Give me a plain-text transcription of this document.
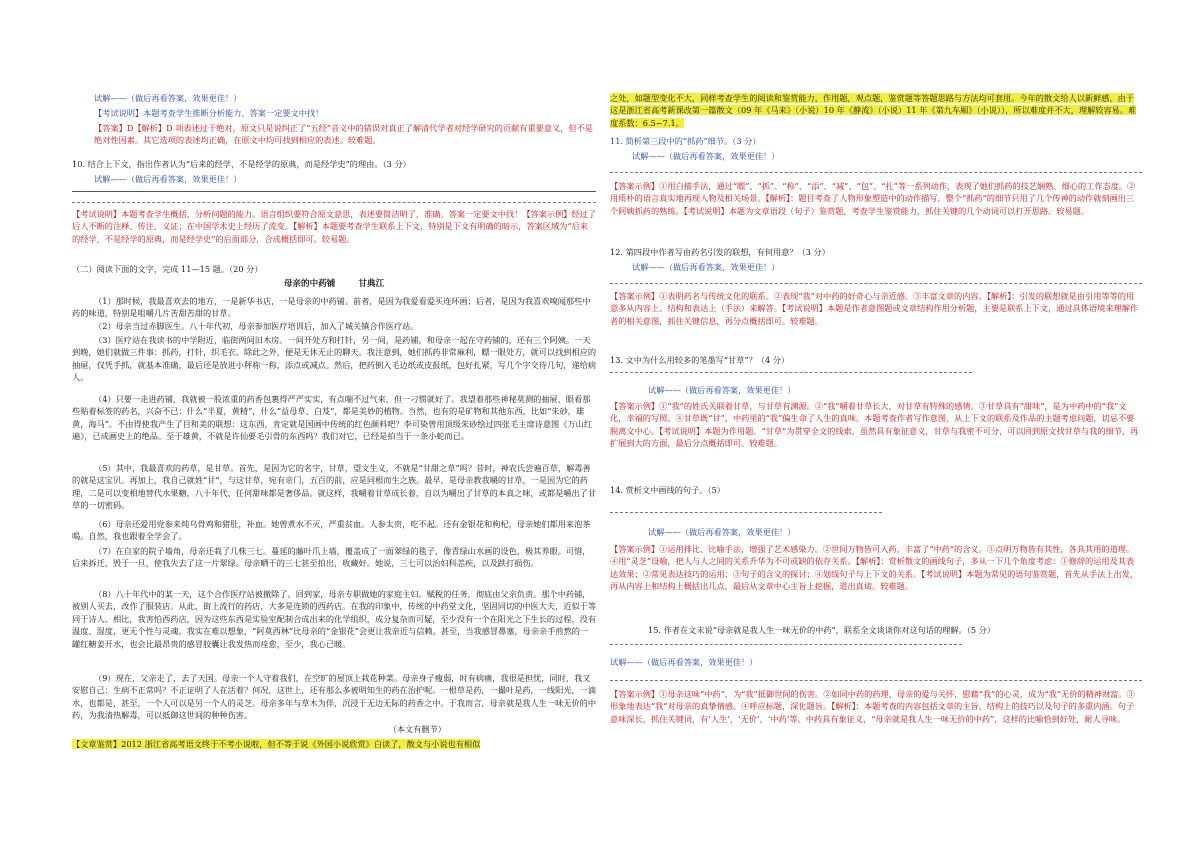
试解——（做后再看答案，效果更佳！）
【考试说明】本题考查学生推断分析能力。答案一定要文中找！
【答案】D【解析】D 项表述过于绝对，原文只是说纠正了“五经”音义中的错误对真正了解清代学者对经学研究的贡献有重要意义，但不是绝对性因素。其它选项的表述均正确，在原文中均可找到相应的表述。较难题。
10. 结合上下文，指出作者认为“后来的经学，不是经学的原典，而是经学史”的理由。（3 分）
试解——（做后再看答案，效果更佳！）
【考试说明】本题考查学生概括，分析问题的能力。语言组织要符合原文意思，表述要简洁明了，准确。答案一定要文中找！【答案示例】经过了后人不断的注释、传注、义证；在中国学术史上经历了流变。【解析】本题要考查学生联系上下文，特别是下文有明确的暗示，答案区域为“后来的经学，不是经学的原典，而是经学史”的后面部分，合成概括即可。较易题。
（二）阅读下面的文字，完成 11—15 题。（20 分）
母亲的中药铺	甘典江
（1）那时候，我最喜欢去的地方，一是新华书店，一是母亲的中药铺。前者，是因为我爱看爱买连环画；后者，是因为我喜欢嗅闻那些中药的味道，特别是咀嚼几片苦甜苦甜的甘草。
（2）母亲当过赤脚医生。八十年代初，母亲参加医疗培训后，加入了城关镇合作医疗站。
（3）医疗站在我读书的中学附近，临街两间旧木房。一间开处方和打针，另一间，是药铺。和母亲一起在守药铺的，还有三个阿姨。一天到晚，她们就做三件事：抓药，打针，织毛衣。除此之外，便是无休无止的聊天。我注意到，她们抓药非常麻利，瞟一眼处方，就可以找到相应的抽屉，仅凭手抓，就基本准确，最后还是放进小秤称一称，添点或减点。然后，把药倒入毛边纸或皮报纸，包好扎紧，写几个字交待几句，递给病人。
（4）只要一走进药铺，我就被一股浓重的药香包裹得严严实实，有点喘不过气来，但一刁惯就好了。我望着那些神秘莫测的抽屉，眼看那些贴着标签的药名，兴奋不已：什么“半夏，黄精”，什么“益母草、白芨”，都是美妙的植物。当然，也有的是矿物和其他东西，比如“朱砂，雄黄，海马”。不由得使我产生了目和美的联想：这东西，肯定就是国画中传统的红色颜料吧？李可染曾用顶级朱砂绘过四张毛主席诗意图《万山红遍》，已成画史上的绝品。至于雄黄，不就是许仙要毛引骨的东西吗？我们对它，已经是拍当于一条小蛇而已。
（5）其中，我最喜欢的药草，是甘草。首先，是因为它的名字，甘草，望文生义，不就是“甘甜之草”吗？昔时，神农氏尝遍百草，解毒善的就是这宝贝。再加上，我自己就姓“甘”，与这甘草，宛有亲门，五百的前，应是同根而生之族。最早，是母亲教我嚼的甘草，一是因为它的药理，二是可以变相地替代水果糖，八十年代，任何甜味都是奢侈品。就这样，我嚼着甘草成长着，自以为嚼出了甘草的本真之味，或都是嚼出了甘草的一切密码。
（6）母亲还爱用党参来炖乌骨鸡和猪肚，补血。她曾煮水不灭，严重贫血。人参太贵，吃不起。还有金银花和枸杞，母亲她们都用来泡茶喝。自然，我也跟着全学会了。
（7）在自家的院子墙角，母亲还栽了几株三七。蔓延的藤叶爪上墙，覆盖成了一面翠绿的毯子，像青绿山水画的设色，极其养眼。可惜，后来拆迁，毁于一旦，使我失去了这一片翠绿。母亲晒干的三七甚至拍出，收藏好。她说，三七可以治妇科恙疾，以及跌打损伤。
（8）八十年代中的某一天，这个合作医疗站被撤除了。回到家，母亲专职做她的家庭主妇。赋税的任务，彻底由父亲负责。那个中药铺，被别人买去，改作了服装店。从此，街上流行的药店，大多是连锁的西药店。在我的印象中，传统的中药堂文化，坚固同切的中医大夫，近似于等同于诗人。相比，我害怕西药店，因为这些东西是实验室配制合成出来的化学组织，成分复杂而可疑，至少没有一个在阳光之下生长的过程，没有温度、湿度，更无个性与灵魂。我实在难以想象，“阿莫西林”比母亲的“金银花”会更让我亲近与信赖。甚至，当我感冒鼻塞，母亲亲手煎熬的一罐红糖姜开水，也会比最昂贵的感冒胶囊让我发热而痊愈，至少，我心已暖。
（9）现在，父亲走了，去了天国。母亲一个人守着我们，在空旷的屋顶上栽花种菜。母亲身子瘦弱，时有病痛，我很是担忧，同时，我又安慰自己：生病不正常吗？不正证明了人在活着？何况，这世上，还有那么多被明知生的药在治护呢。一根草是药，一撮叶是药，一线阳光，一滴水，也都是，甚至，一个人可以是另一个人的灵芝。母亲多年与草木为伴，沉浸于无边无际的药香之中。于我而言，母亲就是我人生一味无价的中药，为我清热解毒，可以抵御这世间的种种伤害。
（本文有删节）
【文章鉴赏】2012 浙江省高考语文终于不考小说啦，但不等于说《外国小说欣赏》白读了，散文与小说也有相似
之处，如题型变化不大，同样考查学生的阅读和鉴赏能力，作用题，观点题，鉴赏题等答题思路与方法均可套用。今年的散文给人以新鲜感，由于这是浙江省高考新课改第一篇散文（09 年《马来》（小说）10 年《静流》（小说）11 年《第九车厢》（小说）），所以难度并不大，理解较容易。难度系数：6.5~7.1。
11. 简析第三段中的“抓药”细节。（3 分）
试解——（做后再看答案，效果更佳！）
【答案示例】①用白描手法，通过“瞟”、“抓”、“称”、“添”、“减”、“包”、“扎”等一系列动作，表现了她们抓药的技艺娴熟、细心的工作态度。②用质朴的语言真实地再现人物及相关场景。【解析】：题目考查了人物形象塑造中的动作描写，整个“抓药”的细节只用了几个传神的动作就刻画出三个阿姨抓药的熟练。【考试说明】本题为文章语段（句子）鉴赏题，考查学生鉴赏能力，抓住关键的几个动词可以打开思路。较易题。
12. 第四段中作者写由药名引发的联想，有何用意？（3 分）
试解——（做后再看答案，效果更佳！）
【答案示例】①表明药名与传统文化的联系。②表现“我”对中药的好奇心与亲近感。③丰富文章的内容。【解析】：引发的联想就是由引用等等的用意多从内容上、结构和表达上（手法）来解答。【考试说明】本题是作者意图题或文章结构作用分析题，主要是联系上下文，通过具体语境来理解作者的相关意图，抓住关键信息，再分点概括即可。较难题。
13. 文中为什么用较多的笔墨写“甘草”？（4 分）
试解——（做后再看答案，效果更佳！）
【答案示例】①“我”的姓氏关联着甘草，与甘草有渊源。②“我”嚼着甘草长大，对甘草有特殊的感情。③甘草具有“甜味”，是为中药中的“我”文化，幸福的写照。④甘草既“甘”，中药里的“我”偏生命了人生的真味。本题考查作者写作意图，从上下文的联系及作品的主题考虑问题，切忌不要脱离文中心。【考试说明】本题为作用题。“甘草”为贯穿全文的线索，虽然具有象征意义，甘草与我密不可分，可以回到原文找甘草与我的细节，再扩展到大的方面，最后分点概括即可。较难题。
14. 赏析文中画线的句子。（5）
试解——（做后再看答案，效果更佳！）
【答案示例】①运用排比、比喻手法，增强了艺术感染力。②世间万物皆可入药，丰富了“中药”的含义。③点明万物皆有其性，各具其用的道理。④用“灵芝”设喻，把人与人之间的关系升华为不可或缺的依存关系。【解析】：赏析散文的画线句子，多从一下几个角度考虑：①修辞的运用及其表达效果；②常见表达技巧的运用；③句子的含义的探讨；④划线句子与上下文的关系。【考试说明】本题为常见的语句鉴赏题，首先从手法上出发，再从内容上和结构上概括出几点，最后从文章中心主旨上挖掘，道出真谛。较难题。
15. 作者在文末说“母亲就是我人生一味无价的中药”，联系全文谈谈你对这句话的理解。（5 分）
试解——（做后再看答案，效果更佳！）
【答案示例】①母亲这味“中药”，为“我”抵御世间的伤害。②如同中药的药理，母亲的爱与关怀，慰藉“我”的心灵，成为“我”无价的精神财富。③形象地表达“我”对母亲的真挚情感。④呼应标题，深化题旨。【解析】：本题考查的内容包括文章的主旨、结构上的技巧以及句子的多重内涵。句子意味深长，抓住关键词，有‘人生’，‘无价’，‘中药’等。中药具有象征义，“母亲就是我人生一味无价的中药”，这样的比喻恰到好处，耐人寻味。
